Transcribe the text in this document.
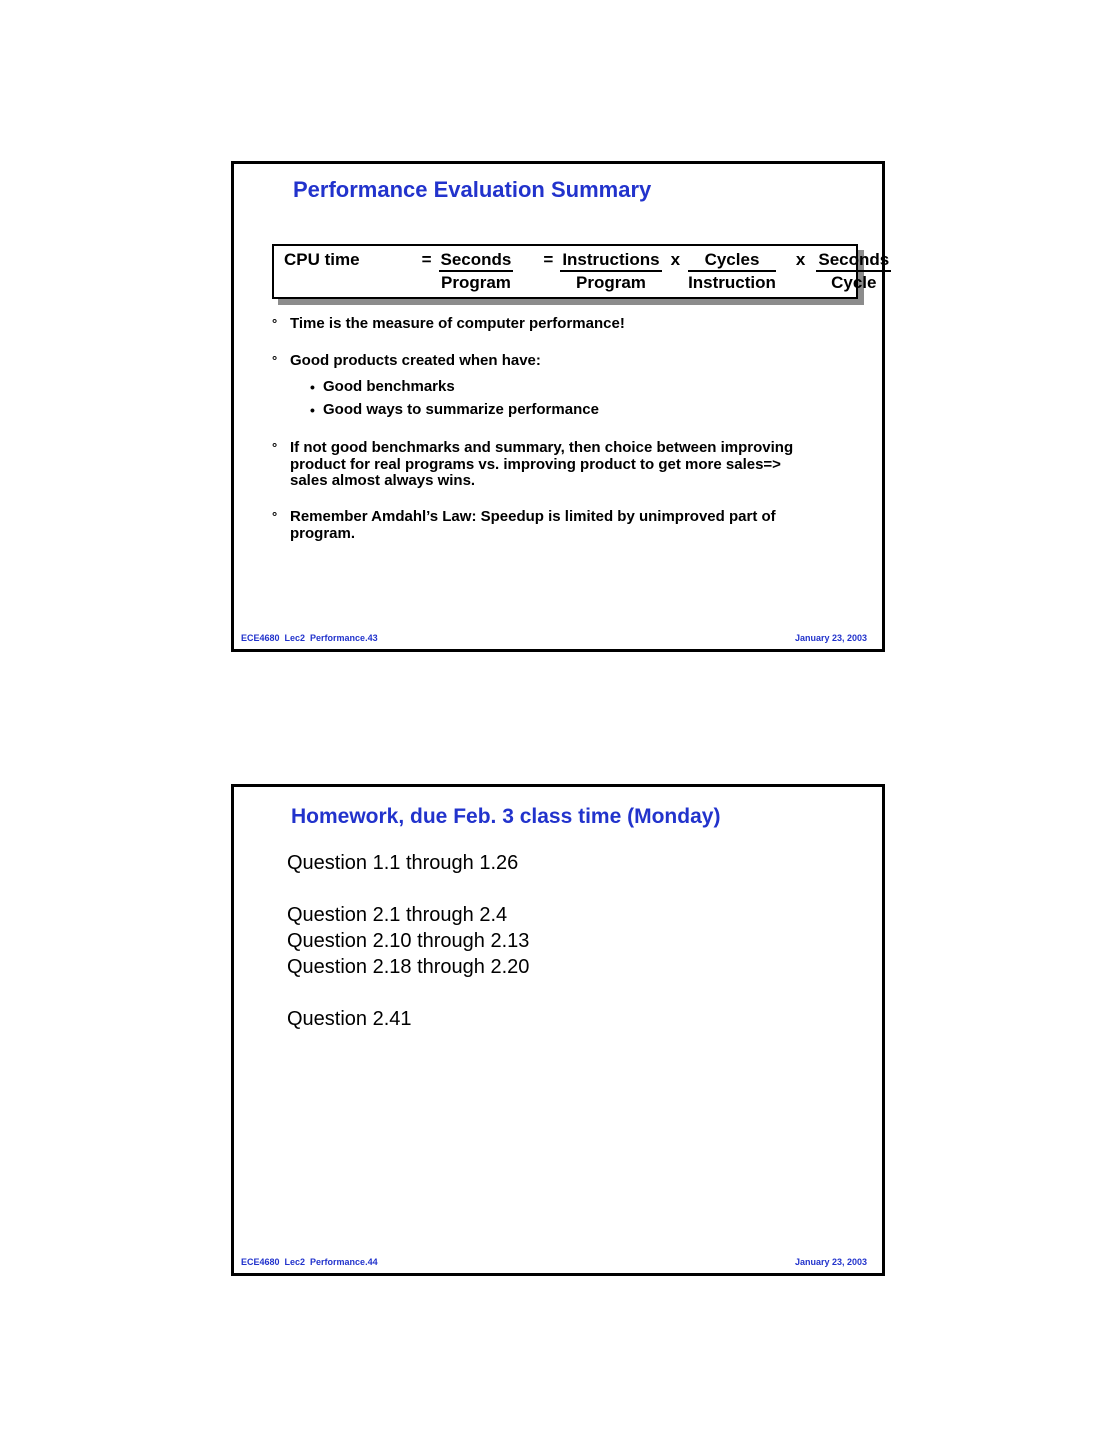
Performance Evaluation Summary
CPU time	= $\frac{\text{Seconds}}{\text{Program}} = \frac{\text{Instructions}}{\text{Program}}$ x $\frac{\text{Cycles}}{\text{Instruction}}$ x $\frac{\text{Seconds}}{\text{Cycle}}$
° Time is the measure of computer performance!
° Good products created when have:
• Good benchmarks
• Good ways to summarize performance
° If not good benchmarks and summary, then choice between improving
product for real programs vs. improving product to get more sales=>
sales almost always wins.
° Remember Amdahl’s Law: Speedup is limited by unimproved part of
program.
ECE4680  Lec2  Performance.43	January 23, 2003
Homework, due Feb. 3 class time (Monday)
Question 1.1 through 1.26
Question 2.1 through 2.4
Question 2.10 through 2.13
Question 2.18 through 2.20
Question 2.41
ECE4680  Lec2  Performance.44	January 23, 2003
